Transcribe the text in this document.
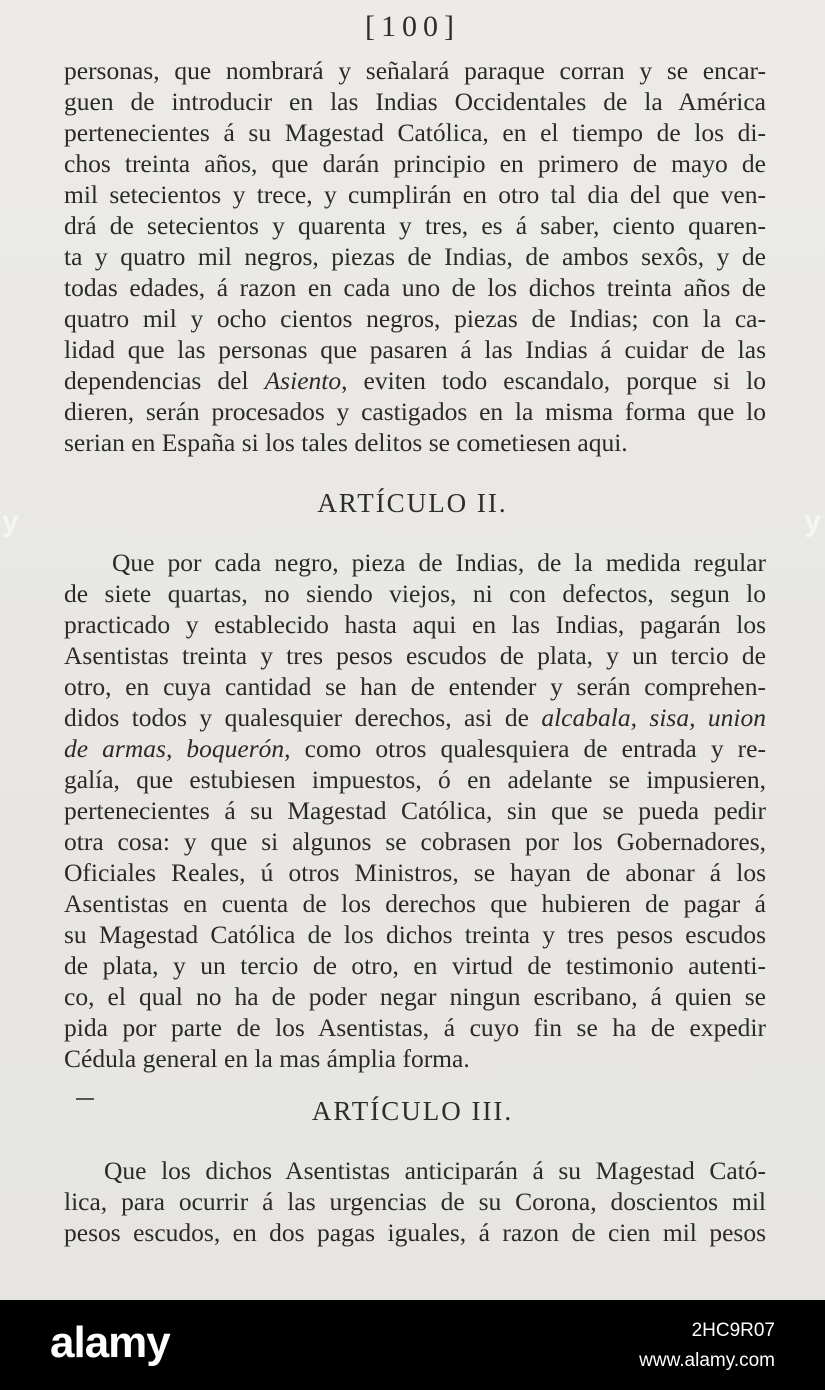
[100]
personas, que nombrará y señalará paraque corran y se encar-
guen de introducir en las Indias Occidentales de la América
pertenecientes á su Magestad Católica, en el tiempo de los di-
chos treinta años, que darán principio en primero de mayo de
mil setecientos y trece, y cumplirán en otro tal dia del que ven-
drá de setecientos y quarenta y tres, es á saber, ciento quaren-
ta y quatro mil negros, piezas de Indias, de ambos sexôs, y de
todas edades, á razon en cada uno de los dichos treinta años de
quatro mil y ocho cientos negros, piezas de Indias; con la ca-
lidad que las personas que pasaren á las Indias á cuidar de las
dependencias del Asiento, eviten todo escandalo, porque si lo
dieren, serán procesados y castigados en la misma forma que lo
serian en España si los tales delitos se cometiesen aqui.
ARTÍCULO II.
Que por cada negro, pieza de Indias, de la medida regular
de siete quartas, no siendo viejos, ni con defectos, segun lo
practicado y establecido hasta aqui en las Indias, pagarán los
Asentistas treinta y tres pesos escudos de plata, y un tercio de
otro, en cuya cantidad se han de entender y serán comprehen-
didos todos y qualesquier derechos, asi de alcabala, sisa, union
de armas, boquerón, como otros qualesquiera de entrada y re-
galía, que estubiesen impuestos, ó en adelante se impusieren,
pertenecientes á su Magestad Católica, sin que se pueda pedir
otra cosa: y que si algunos se cobrasen por los Gobernadores,
Oficiales Reales, ú otros Ministros, se hayan de abonar á los
Asentistas en cuenta de los derechos que hubieren de pagar á
su Magestad Católica de los dichos treinta y tres pesos escudos
de plata, y un tercio de otro, en virtud de testimonio autenti-
co, el qual no ha de poder negar ningun escribano, á quien se
pida por parte de los Asentistas, á cuyo fin se ha de expedir
Cédula general en la mas ámplia forma.
ARTÍCULO III.
Que los dichos Asentistas anticiparán á su Magestad Cató-
lica, para ocurrir á las urgencias de su Corona, doscientos mil
pesos escudos, en dos pagas iguales, á razon de cien mil pesos
y	y
alamy	2HC9R07
www.alamy.com
